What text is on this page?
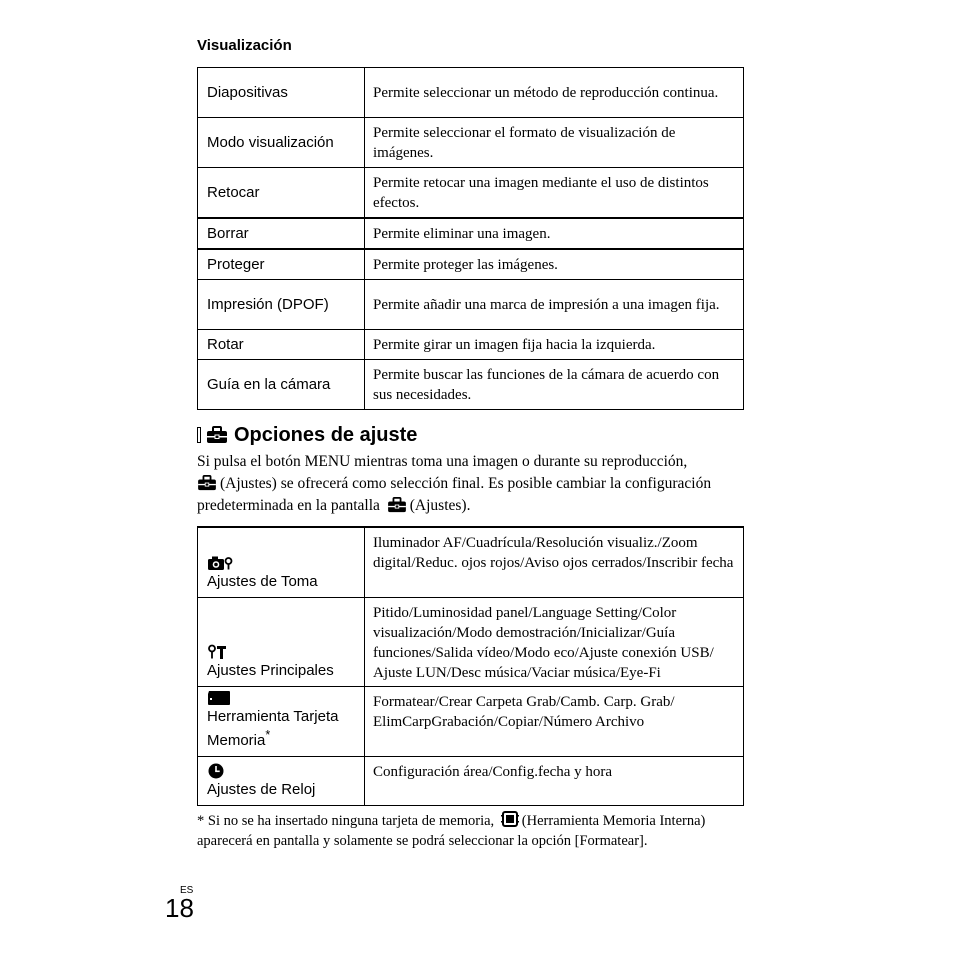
Visualización
Diapositivas	Permite seleccionar un método de reproducción continua.
Modo visualización	Permite seleccionar el formato de visualización de imágenes.
Retocar	Permite retocar una imagen mediante el uso de distintos efectos.
Borrar	Permite eliminar una imagen.
Proteger	Permite proteger las imágenes.
Impresión (DPOF)	Permite añadir una marca de impresión a una imagen fija.
Rotar	Permite girar un imagen fija hacia la izquierda.
Guía en la cámara	Permite buscar las funciones de la cámara de acuerdo con sus necesidades.
Opciones de ajuste
Si pulsa el botón MENU mientras toma una imagen o durante su reproducción,
(Ajustes) se ofrecerá como selección final. Es posible cambiar la configuración predeterminada en la pantalla (Ajustes).
Ajustes de Toma	Iluminador AF/Cuadrícula/Resolución visualiz./Zoom digital/Reduc. ojos rojos/Aviso ojos cerrados/Inscribir fecha

Ajustes Principales	Pitido/Luminosidad panel/Language Setting/Color visualización/Modo demostración/Inicializar/Guía funciones/Salida vídeo/Modo eco/Ajuste conexión USB/ Ajuste LUN/Desc música/Vaciar música/Eye-Fi

Herramienta Tarjeta Memoria*	Formatear/Crear Carpeta Grab/Camb. Carp. Grab/ ElimCarpGrabación/Copiar/Número Archivo

Ajustes de Reloj	Configuración área/Config.fecha y hora
* Si no se ha insertado ninguna tarjeta de memoria, (Herramienta Memoria Interna) aparecerá en pantalla y solamente se podrá seleccionar la opción [Formatear].
ES
18
